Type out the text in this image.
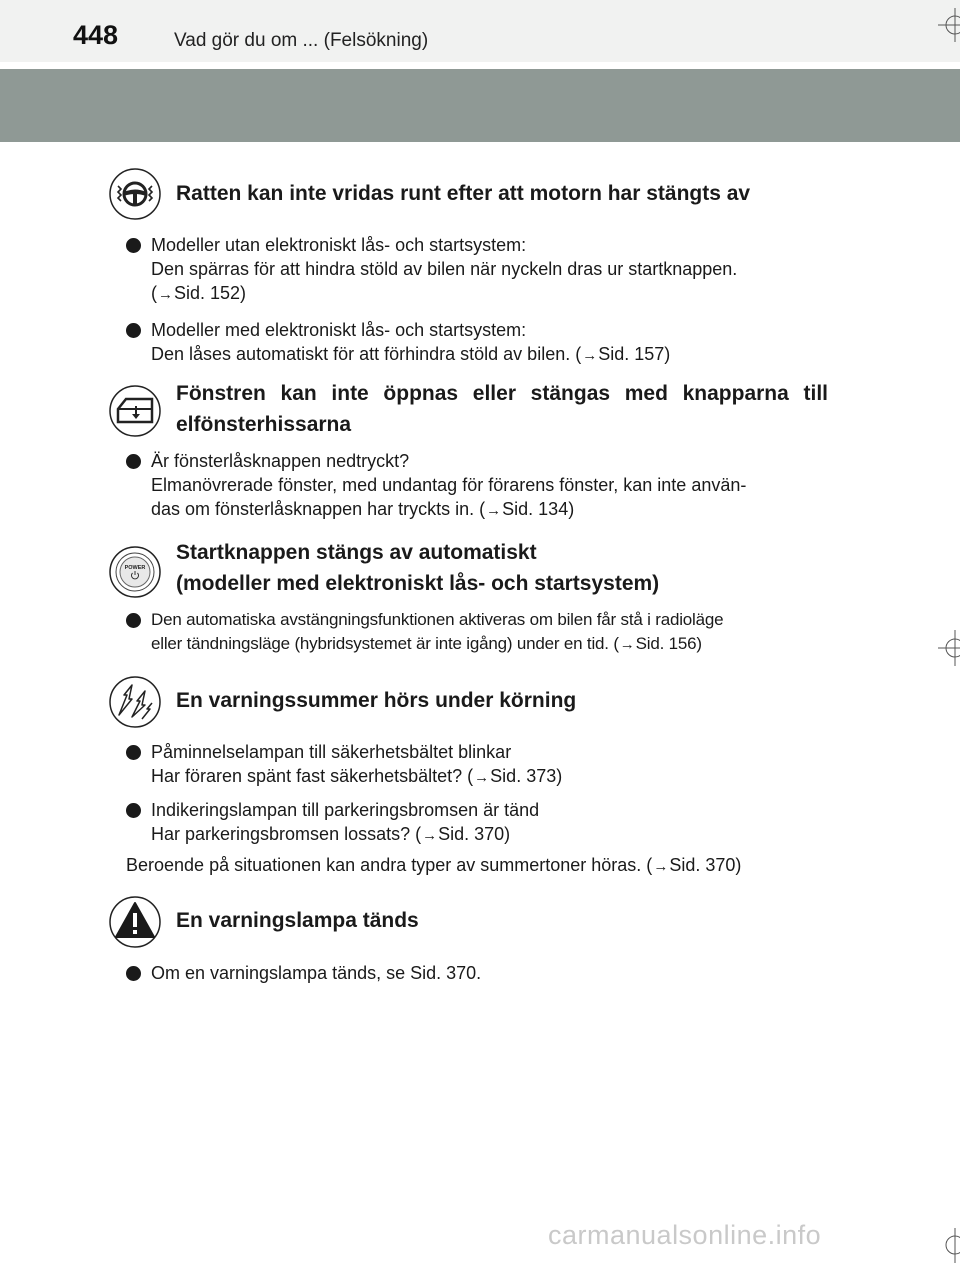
448	Vad gör du om ... (Felsökning)
Ratten kan inte vridas runt efter att motorn har stängts av
Modeller utan elektroniskt lås- och startsystem:
Den spärras för att hindra stöld av bilen när nyckeln dras ur startknappen.
(→Sid. 152)
Modeller med elektroniskt lås- och startsystem:
Den låses automatiskt för att förhindra stöld av bilen. (→Sid. 157)
Fönstren kan inte öppnas eller stängas med knapparna till
elfönsterhissarna
Är fönsterlåsknappen nedtryckt?
Elmanövrerade fönster, med undantag för förarens fönster, kan inte använ-
das om fönsterlåsknappen har tryckts in. (→Sid. 134)
POWER
Startknappen stängs av automatiskt
(modeller med elektroniskt lås- och startsystem)
Den automatiska avstängningsfunktionen aktiveras om bilen får stå i radioläge
eller tändningsläge (hybridsystemet är inte igång) under en tid. (→Sid. 156)
En varningssummer hörs under körning
Påminnelselampan till säkerhetsbältet blinkar
Har föraren spänt fast säkerhetsbältet? (→Sid. 373)
Indikeringslampan till parkeringsbromsen är tänd
Har parkeringsbromsen lossats? (→Sid. 370)
Beroende på situationen kan andra typer av summertoner höras. (→Sid. 370)
En varningslampa tänds
Om en varningslampa tänds, se Sid. 370.
carmanualsonline.info
